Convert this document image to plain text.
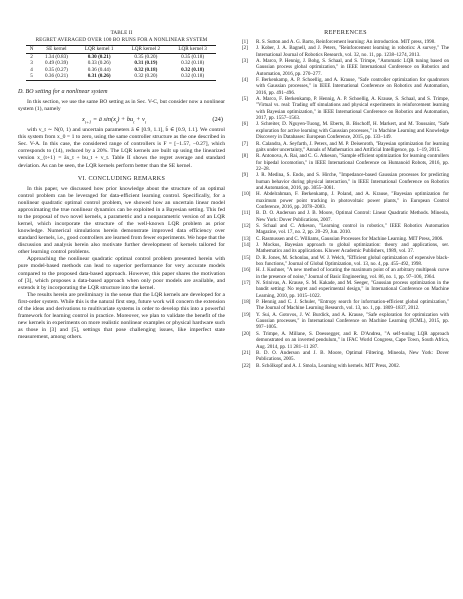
TABLE II
REGRET AVERAGED OVER 100 BO RUNS FOR A NONLINEAR SYSTEM
N	SE kernel	LQR kernel 1	LQR kernel 2	LQR kernel 3
2	1.34 (0.83)	0.30 (0.21)	0.35 (0.20)	0.35 (0.18)
3	0.49 (0.39)	0.33 (0.26)	0.31 (0.19)	0.32 (0.18)
4	0.35 (0.27)	0.36 (0.44)	0.32 (0.18)	0.32 (0.18)
5	0.36 (0.21)	0.31 (0.26)	0.32 (0.20)	0.32 (0.18)
D. BO setting for a nonlinear system

In this section, we use the same BO setting as in Sec. V-C, but consider now a nonlinear system (1), namely

$x_{t+1}$ = ā $\sin(x_t) + bu_t + v_t$	(24)

with v_t ∼ N(0, 1) and uncertain parameters ā ∈ [0.9, 1.1], b̄ ∈ [0.9, 1.1]. We control this system from x_0 = 1 to zero, using the same controller structure as the one described in Sec. V-A. In this case, the considered range of controllers is F = [−1.57, −0.27], which corresponds to (14), reduced by a 20%. The LQR kernels are built up using the linearized version x_{t+1} = āx_t + bu_t + v_t. Table II shows the regret average and standard deviation. As can be seen, the LQR kernels perform better than the SE kernel.

VI. CONCLUDING REMARKS

In this paper, we discussed how prior knowledge about the structure of an optimal control problem can be leveraged for data-efficient learning control. Specifically, for a nonlinear quadratic optimal control problem, we showed how an uncertain linear model approximating the true nonlinear dynamics can be exploited in a Bayesian setting. This fed to the proposal of two novel kernels, a parametric and a nonparametric version of an LQR kernel, which incorporate the structure of the well-known LQR problem as prior knowledge. Numerical simulations herein demonstrate improved data efficiency over standard kernels, i.e., good controllers are learned from fewer experiments. We hope that the discussion and analysis herein also motivate further development of kernels tailored for other learning control problems.

Approaching the nonlinear quadratic optimal control problem presented herein with pure model-based methods can lead to superior performance for very accurate models compared to the proposed data-based approach. However, this paper shares the motivation of [3], which proposes a data-based approach when only poor models are available, and extends it by incorporating the LQR structure into the kernel.

The results herein are preliminary in the sense that the LQR kernels are developed for a first-order system. While this is the natural first step, future work will concern the extension of the ideas and derivations to multivariate systems in order to develop this into a powerful framework for learning control in practice. Moreover, we plan to validate the benefit of the new kernels in experiments on more realistic nonlinear examples or physical hardware such as those in [3] and [5], settings that pose challenging issues, like imperfect state measurement, among others.

REFERENCES
[1] R. S. Sutton and A. G. Barto, Reinforcement learning: An introduction. MIT press, 1998.
[2] J. Kober, J. A. Bagnell, and J. Peters, "Reinforcement learning in robotics: A survey," The International Journal of Robotics Research, vol. 32, no. 11, pp. 1238–1274, 2013.
[3] A. Marco, P. Hennig, J. Bohg, S. Schaal, and S. Trimpe, "Automatic LQR tuning based on Gaussian process global optimization," in IEEE International Conference on Robotics and Automation, 2016, pp. 270–277.
[4] F. Berkenkamp, A. P. Schoellig, and A. Krause, "Safe controller optimization for quadrotors with Gaussian processes," in IEEE International Conference on Robotics and Automation, 2016, pp. 491–496.
[5] A. Marco, F. Berkenkamp, P. Hennig, A. P. Schoellig, A. Krause, S. Schaal, and S. Trimpe, "Virtual vs. real: Trading off simulations and physical experiments in reinforcement learning with Bayesian optimization," in IEEE International Conference on Robotics and Automation, 2017, pp. 1557–1563.
[6] J. Schreiter, D. Nguyen-Tuong, M. Eberts, B. Bischoff, H. Markert, and M. Toussaint, "Safe exploration for active learning with Gaussian processes," in Machine Learning and Knowledge Discovery in Databases: European Conference, 2015, pp. 133–149.
[7] R. Calandra, A. Seyfarth, J. Peters, and M. P. Deisenroth, "Bayesian optimization for learning gaits under uncertainty," Annals of Mathematics and Artificial Intelligence, pp. 1–19, 2015.
[8] R. Antonova, A. Rai, and C. G. Atkeson, "Sample efficient optimization for learning controllers for bipedal locomotion," in IEEE International Conference on Humanoid Robots, 2016, pp. 22–28.
[9] J. R. Medina, S. Endo, and S. Hirche, "Impedance-based Gaussian processes for predicting human behavior during physical interaction," in IEEE International Conference on Robotics and Automation, 2016, pp. 3055–3061.
[10] H. Abdelrahman, F. Berkenkamp, J. Poland, and A. Krause, "Bayesian optimization for maximum power point tracking in photovoltaic power plants," in European Control Conference, 2016, pp. 2078–2083.
[11] B. D. O. Anderson and J. B. Moore, Optimal Control: Linear Quadratic Methods. Mineola, New York: Dover Publications, 2007.
[12] S. Schaal and C. Atkeson, "Learning control in robotics," IEEE Robotics Automation Magazine, vol. 17, no. 2, pp. 20–29, Jun. 2010.
[13] C. Rasmussen and C. Williams, Gaussian Processes for Machine Learning. MIT Press, 2006.
[14] J. Mockus, Bayesian approach to global optimization: theory and applications, ser. Mathematics and its applications. Kluwer Academic Publishers, 1989, vol. 37.
[15] D. R. Jones, M. Schonlau, and W. J. Welch, "Efficient global optimization of expensive black-box functions," Journal of Global Optimization, vol. 13, no. 4, pp. 455–492, 1998.
[16] H. J. Kushner, "A new method of locating the maximum point of an arbitrary multipeak curve in the presence of noise," Journal of Basic Engineering, vol. 86, no. 1, pp. 97–106, 1964.
[17] N. Srinivas, A. Krause, S. M. Kakade, and M. Seeger, "Gaussian process optimization in the bandit setting: No regret and experimental design," in International Conference on Machine Learning, 2010, pp. 1015–1022.
[18] P. Hennig and C. J. Schuler, "Entropy search for information-efficient global optimization," The Journal of Machine Learning Research, vol. 13, no. 1, pp. 1809–1837, 2012.
[19] Y. Sui, A. Gotovos, J. W. Burdick, and A. Krause, "Safe exploration for optimization with Gaussian processes," in International Conference on Machine Learning (ICML), 2015, pp. 997–1005.
[20] S. Trimpe, A. Millane, S. Doessegger, and R. D'Andrea, "A self-tuning LQR approach demonstrated on an inverted pendulum," in IFAC World Congress, Cape Town, South Africa, Aug. 2014, pp. 11 281–11 287.
[21] B. D. O. Anderson and J. B. Moore, Optimal Filtering. Mineola, New York: Dover Publications, 2005.
[22] B. Schölkopf and A. J. Smola, Learning with kernels. MIT Press, 2002.
